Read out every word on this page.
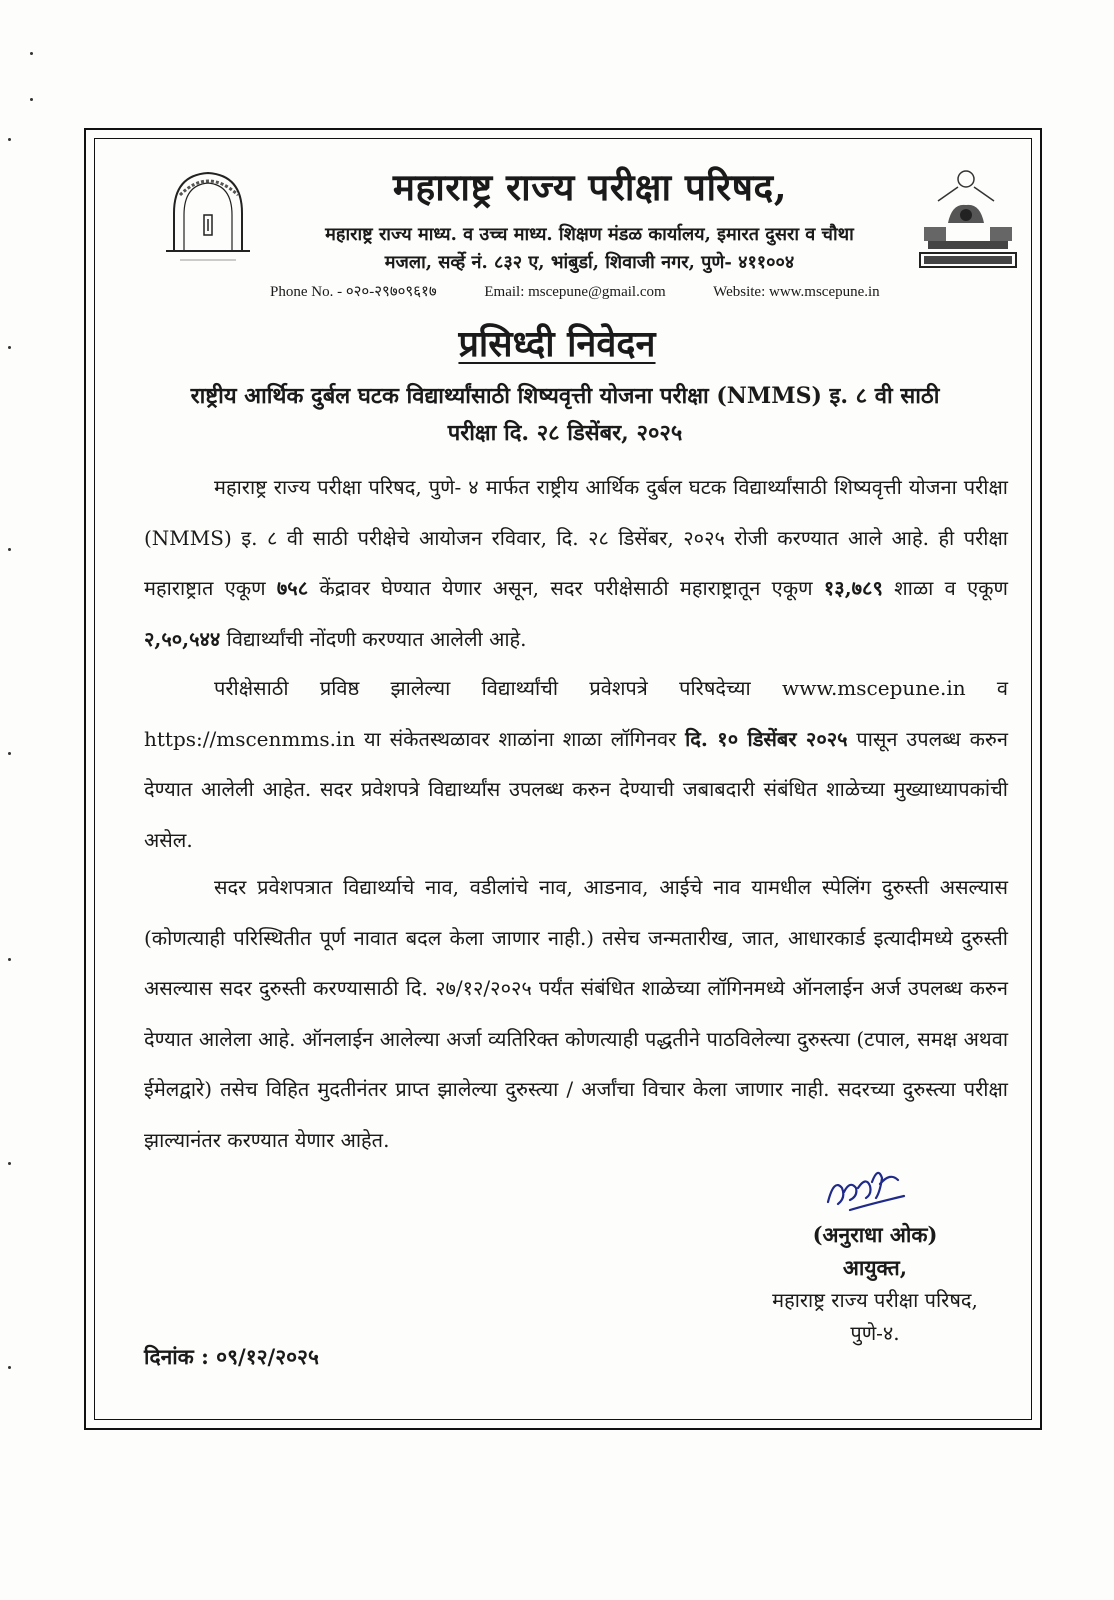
महाराष्ट्र राज्य परीक्षा परिषद,
महाराष्ट्र राज्य माध्य. व उच्च माध्य. शिक्षण मंडळ कार्यालय, इमारत दुसरा व चौथा
मजला, सर्व्हे नं. ८३२ ए, भांबुर्डा, शिवाजी नगर, पुणे- ४११००४
Phone No. - ०२०-२९७०९६१७	Email: mscepune@gmail.com	Website: www.mscepune.in
प्रसिध्दी निवेदन
राष्ट्रीय आर्थिक दुर्बल घटक विद्यार्थ्यांसाठी शिष्यवृत्ती योजना परीक्षा (NMMS) इ. ८ वी साठी
परीक्षा दि. २८ डिसेंबर, २०२५
महाराष्ट्र राज्य परीक्षा परिषद, पुणे- ४ मार्फत राष्ट्रीय आर्थिक दुर्बल घटक विद्यार्थ्यांसाठी शिष्यवृत्ती योजना परीक्षा (NMMS) इ. ८ वी साठी परीक्षेचे आयोजन रविवार, दि. २८ डिसेंबर, २०२५ रोजी करण्यात आले आहे. ही परीक्षा महाराष्ट्रात एकूण ७५८ केंद्रावर घेण्यात येणार असून, सदर परीक्षेसाठी महाराष्ट्रातून एकूण १३,७८९ शाळा व एकूण २,५०,५४४ विद्यार्थ्यांची नोंदणी करण्यात आलेली आहे.
परीक्षेसाठी प्रविष्ठ झालेल्या विद्यार्थ्यांची प्रवेशपत्रे परिषदेच्या www.mscepune.in व https://mscenmms.in या संकेतस्थळावर शाळांना शाळा लॉगिनवर दि. १० डिसेंबर २०२५ पासून उपलब्ध करुन देण्यात आलेली आहेत. सदर प्रवेशपत्रे विद्यार्थ्यांस उपलब्ध करुन देण्याची जबाबदारी संबंधित शाळेच्या मुख्याध्यापकांची असेल.
सदर प्रवेशपत्रात विद्यार्थ्याचे नाव, वडीलांचे नाव, आडनाव, आईचे नाव यामधील स्पेलिंग दुरुस्ती असल्यास (कोणत्याही परिस्थितीत पूर्ण नावात बदल केला जाणार नाही.) तसेच जन्मतारीख, जात, आधारकार्ड इत्यादीमध्ये दुरुस्ती असल्यास सदर दुरुस्ती करण्यासाठी दि. २७/१२/२०२५ पर्यंत संबंधित शाळेच्या लॉगिनमध्ये ऑनलाईन अर्ज उपलब्ध करुन देण्यात आलेला आहे. ऑनलाईन आलेल्या अर्जा व्यतिरिक्त कोणत्याही पद्धतीने पाठविलेल्या दुरुस्त्या (टपाल, समक्ष अथवा ईमेलद्वारे) तसेच विहित मुदतीनंतर प्राप्त झालेल्या दुरुस्त्या / अर्जांचा विचार केला जाणार नाही. सदरच्या दुरुस्त्या परीक्षा झाल्यानंतर करण्यात येणार आहेत.
(अनुराधा ओक)
आयुक्त,
महाराष्ट्र राज्य परीक्षा परिषद,
पुणे-४.
दिनांक : ०९/१२/२०२५
